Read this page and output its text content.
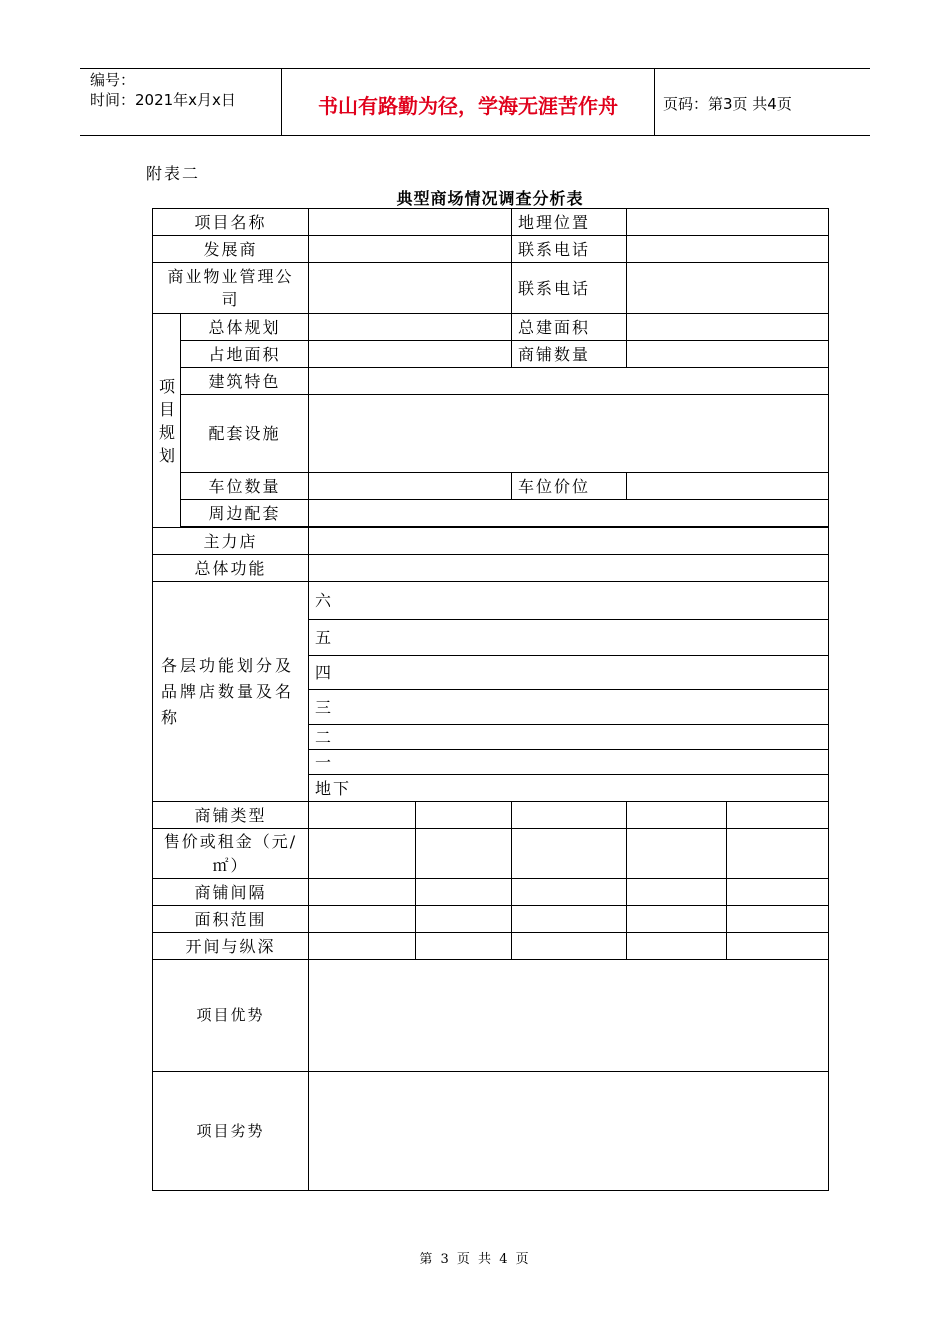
编号：
时间：2021年x月x日	书山有路勤为径，学海无涯苦作舟	页码：第3页 共4页
附表二
典型商场情况调查分析表
项目名称				地理位置		
发展商				联系电话		
商业物业管理公司				联系电话		

项目规划	总体规划			总建面积		
	占地面积			商铺数量		
	建筑特色					
	配套设施					
	车位数量			车位价位		
	周边配套					

主力店						
总体功能						
各层功能划分及品牌店数量及名称		六				
		五				
		四				
		三				
		二				
		一				
		地下				
商铺类型						
售价或租金（元/㎡）						
商铺间隔						
面积范围						
开间与纵深						
项目优势						
项目劣势						
第 3 页 共 4 页
